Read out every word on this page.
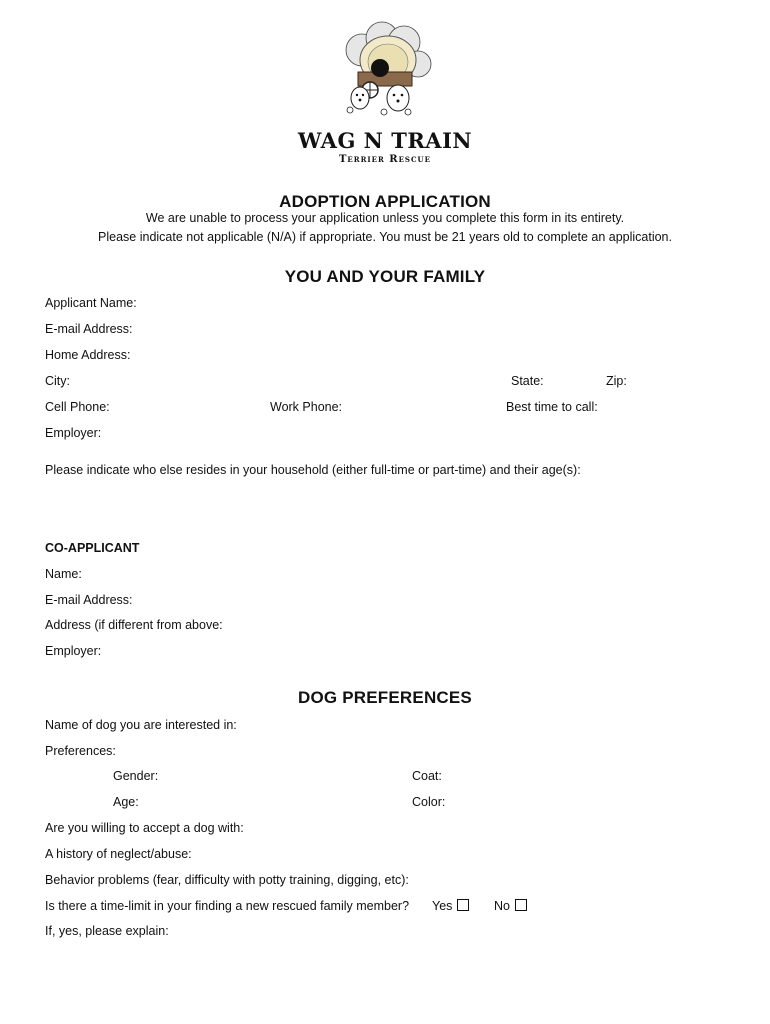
WAG N TRAIN
Terrier Rescue
ADOPTION APPLICATION
We are unable to process your application unless you complete this form in its entirety.
Please indicate not applicable (N/A) if appropriate. You must be 21 years old to complete an application.
YOU AND YOUR FAMILY
Applicant Name:
E-mail Address:
Home Address:
City:	State:	Zip:
Cell Phone:	Work Phone:	Best time to call:
Employer:
Please indicate who else resides in your household (either full-time or part-time) and their age(s):
CO-APPLICANT
Name:
E-mail Address:
Address (if different from above:
Employer:
DOG PREFERENCES
Name of dog you are interested in:
Preferences:
Gender:	Coat:
Age:	Color:
Are you willing to accept a dog with:
A history of neglect/abuse:
Behavior problems (fear, difficulty with potty training, digging, etc):
Is there a time-limit in your finding a new rescued family member? Yes	No
If, yes, please explain:
